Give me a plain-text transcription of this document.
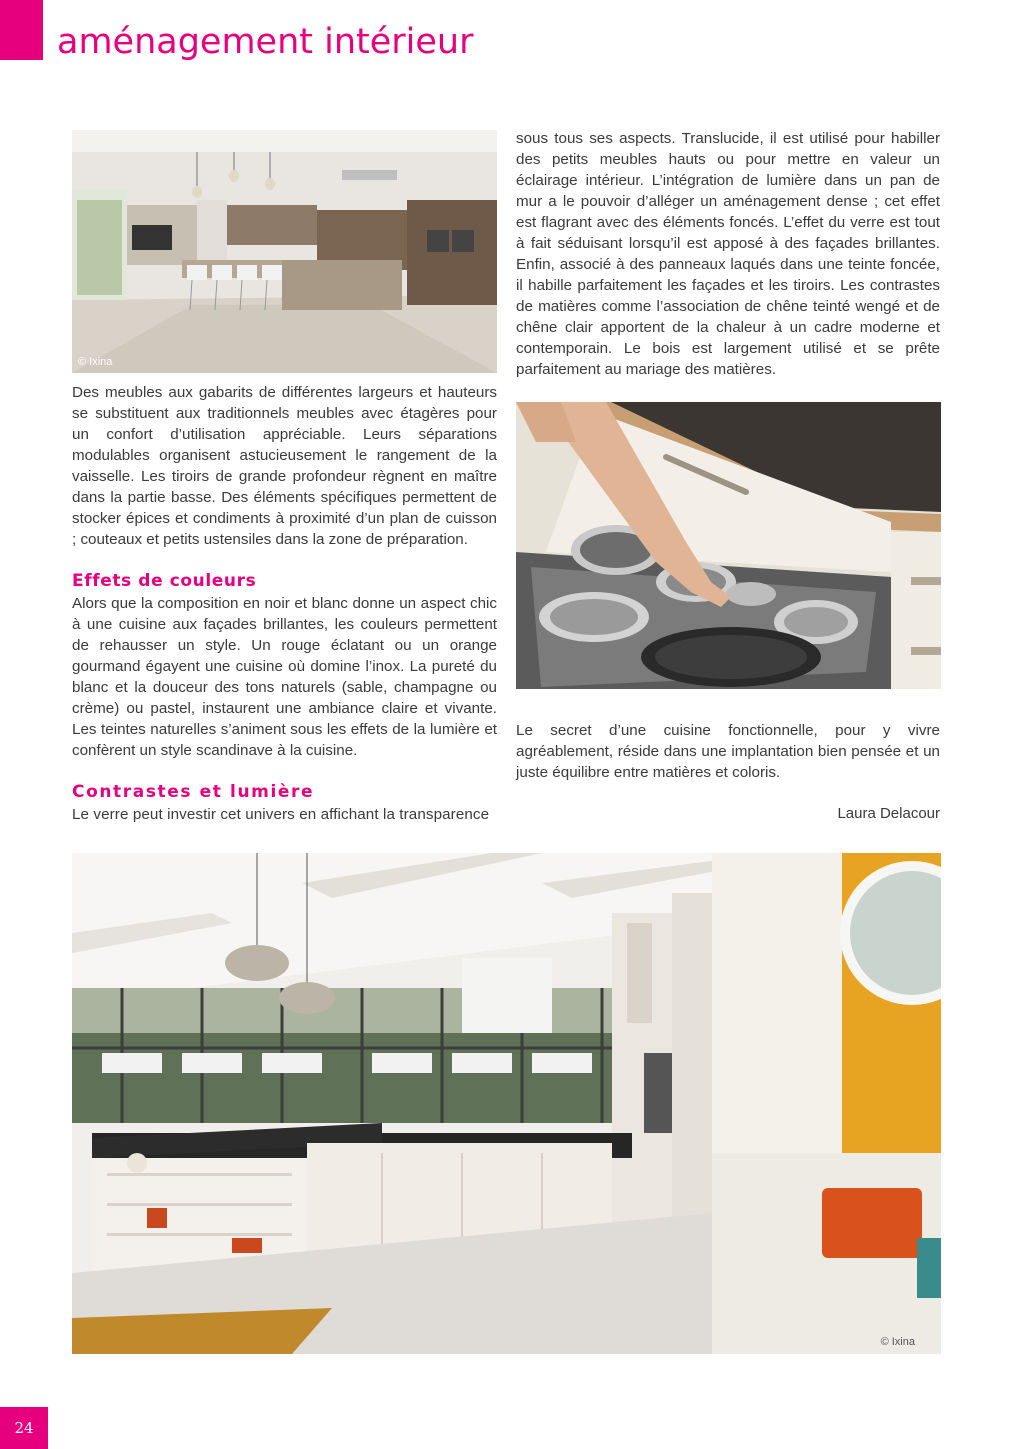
aménagement intérieur
© Ixina

Des meubles aux gabarits de différentes largeurs et hauteurs se substituent aux traditionnels meubles avec étagères pour un confort d’utilisation appréciable. Leurs séparations modulables organisent astucieusement le rangement de la vaisselle. Les tiroirs de grande profondeur règnent en maître dans la partie basse. Des éléments spécifiques permettent de stocker épices et condiments à proximité d’un plan de cuisson ; couteaux et petits ustensiles dans la zone de préparation.

Effets de couleurs

Alors que la composition en noir et blanc donne un aspect chic à une cuisine aux façades brillantes, les couleurs permettent de rehausser un style. Un rouge éclatant ou un orange gourmand égayent une cuisine où domine l’inox. La pureté du blanc et la douceur des tons naturels (sable, champagne ou crème) ou pastel, instaurent une ambiance claire et vivante. Les teintes naturelles s’animent sous les effets de la lumière et confèrent un style scandinave à la cuisine.

Contrastes et lumière

Le verre peut investir cet univers en affichant la transparence

sous tous ses aspects. Translucide, il est utilisé pour habiller des petits meubles hauts ou pour mettre en valeur un éclairage intérieur. L’intégration de lumière dans un pan de mur a le pouvoir d’alléger un aménagement dense ; cet effet est flagrant avec des éléments foncés. L’effet du verre est tout à fait séduisant lorsqu’il est apposé à des façades brillantes. Enfin, associé à des panneaux laqués dans une teinte foncée, il habille parfaitement les façades et les tiroirs. Les contrastes de matières comme l’association de chêne teinté wengé et de chêne clair apportent de la chaleur à un cadre moderne et contemporain. Le bois est largement utilisé et se prête parfaitement au mariage des matières.

Le secret d’une cuisine fonctionnelle, pour y vivre agréablement, réside dans une implantation bien pensée et un juste équilibre entre matières et coloris.

Laura Delacour
© Ixina
24
